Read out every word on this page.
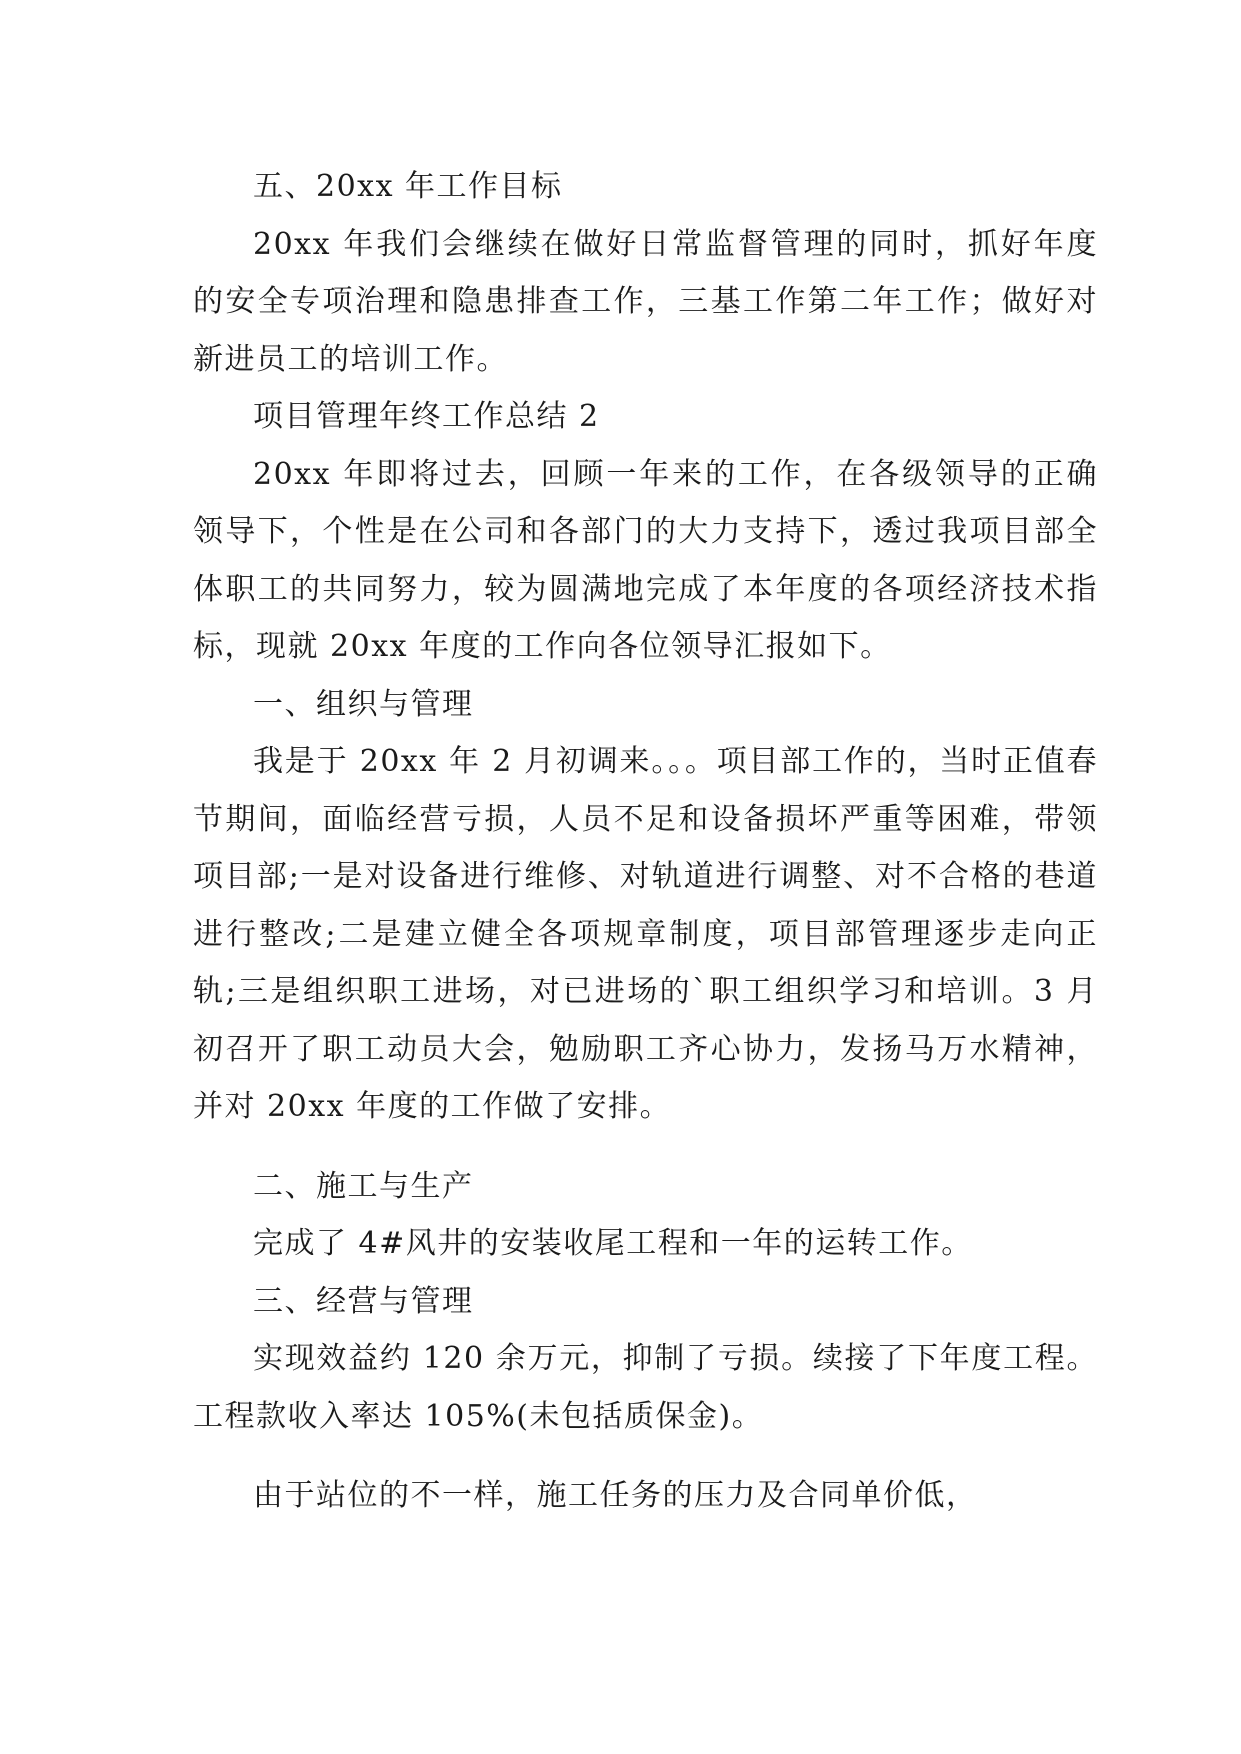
五、20xx 年工作目标

20xx 年我们会继续在做好日常监督管理的同时，抓好年度的安全专项治理和隐患排查工作，三基工作第二年工作；做好对新进员工的培训工作。

项目管理年终工作总结 2

20xx 年即将过去，回顾一年来的工作，在各级领导的正确领导下，个性是在公司和各部门的大力支持下，透过我项目部全体职工的共同努力，较为圆满地完成了本年度的各项经济技术指标，现就 20xx 年度的工作向各位领导汇报如下。

一、组织与管理

我是于 20xx 年 2 月初调来。。。项目部工作的，当时正值春节期间，面临经营亏损，人员不足和设备损坏严重等困难，带领项目部;一是对设备进行维修、对轨道进行调整、对不合格的巷道进行整改;二是建立健全各项规章制度，项目部管理逐步走向正轨;三是组织职工进场，对已进场的`职工组织学习和培训。3 月初召开了职工动员大会，勉励职工齐心协力，发扬马万水精神，并对 20xx 年度的工作做了安排。

二、施工与生产

完成了 4#风井的安装收尾工程和一年的运转工作。

三、经营与管理

实现效益约 120 余万元，抑制了亏损。续接了下年度工程。工程款收入率达 105%(未包括质保金)。

由于站位的不一样，施工任务的压力及合同单价低，
